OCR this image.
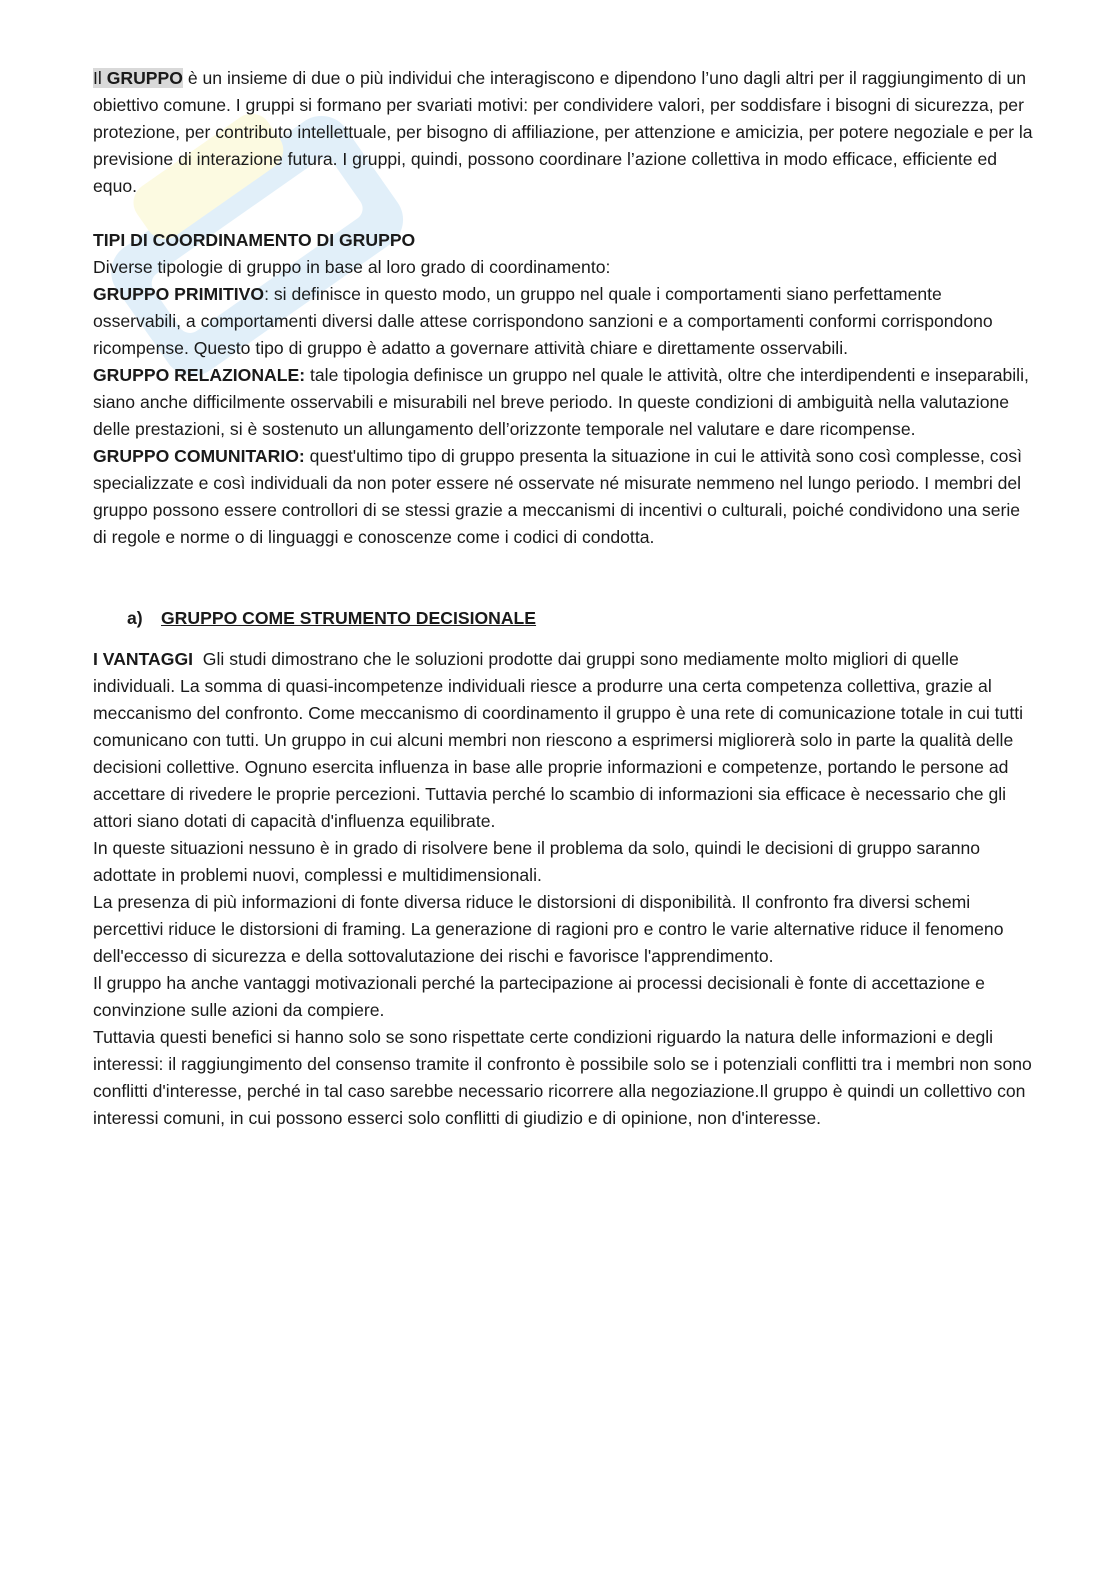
Il GRUPPO è un insieme di due o più individui che interagiscono e dipendono l’uno dagli altri per il raggiungimento di un obiettivo comune. I gruppi si formano per svariati motivi: per condividere valori, per soddisfare i bisogni di sicurezza, per protezione, per contributo intellettuale, per bisogno di affiliazione, per attenzione e amicizia, per potere negoziale e per la previsione di interazione futura. I gruppi, quindi, possono coordinare l’azione collettiva in modo efficace, efficiente ed equo.

TIPI DI COORDINAMENTO DI GRUPPO

Diverse tipologie di gruppo in base al loro grado di coordinamento:

GRUPPO PRIMITIVO: si definisce in questo modo, un gruppo nel quale i comportamenti siano perfettamente osservabili, a comportamenti diversi dalle attese corrispondono sanzioni e a comportamenti conformi corrispondono ricompense. Questo tipo di gruppo è adatto a governare attività chiare e direttamente osservabili.

GRUPPO RELAZIONALE: tale tipologia definisce un gruppo nel quale le attività, oltre che interdipendenti e inseparabili, siano anche difficilmente osservabili e misurabili nel breve periodo. In queste condizioni di ambiguità nella valutazione delle prestazioni, si è sostenuto un allungamento dell’orizzonte temporale nel valutare e dare ricompense.

GRUPPO COMUNITARIO: quest'ultimo tipo di gruppo presenta la situazione in cui le attività sono così complesse, così specializzate e così individuali da non poter essere né osservate né misurate nemmeno nel lungo periodo. I membri del gruppo possono essere controllori di se stessi grazie a meccanismi di incentivi o culturali, poiché condividono una serie di regole e norme o di linguaggi e conoscenze come i codici di condotta.

a) GRUPPO COME STRUMENTO DECISIONALE

I VANTAGGI  Gli studi dimostrano che le soluzioni prodotte dai gruppi sono mediamente molto migliori di quelle individuali. La somma di quasi-incompetenze individuali riesce a produrre una certa competenza collettiva, grazie al meccanismo del confronto. Come meccanismo di coordinamento il gruppo è una rete di comunicazione totale in cui tutti comunicano con tutti. Un gruppo in cui alcuni membri non riescono a esprimersi migliorerà solo in parte la qualità delle decisioni collettive. Ognuno esercita influenza in base alle proprie informazioni e competenze, portando le persone ad accettare di rivedere le proprie percezioni. Tuttavia perché lo scambio di informazioni sia efficace è necessario che gli attori siano dotati di capacità d'influenza equilibrate.

In queste situazioni nessuno è in grado di risolvere bene il problema da solo, quindi le decisioni di gruppo saranno adottate in problemi nuovi, complessi e multidimensionali.

La presenza di più informazioni di fonte diversa riduce le distorsioni di disponibilità. Il confronto fra diversi schemi percettivi riduce le distorsioni di framing. La generazione di ragioni pro e contro le varie alternative riduce il fenomeno dell'eccesso di sicurezza e della sottovalutazione dei rischi e favorisce l'apprendimento.

Il gruppo ha anche vantaggi motivazionali perché la partecipazione ai processi decisionali è fonte di accettazione e convinzione sulle azioni da compiere.

Tuttavia questi benefici si hanno solo se sono rispettate certe condizioni riguardo la natura delle informazioni e degli interessi: il raggiungimento del consenso tramite il confronto è possibile solo se i potenziali conflitti tra i membri non sono conflitti d'interesse, perché in tal caso sarebbe necessario ricorrere alla negoziazione.Il gruppo è quindi un collettivo con interessi comuni, in cui possono esserci solo conflitti di giudizio e di opinione, non d'interesse.
